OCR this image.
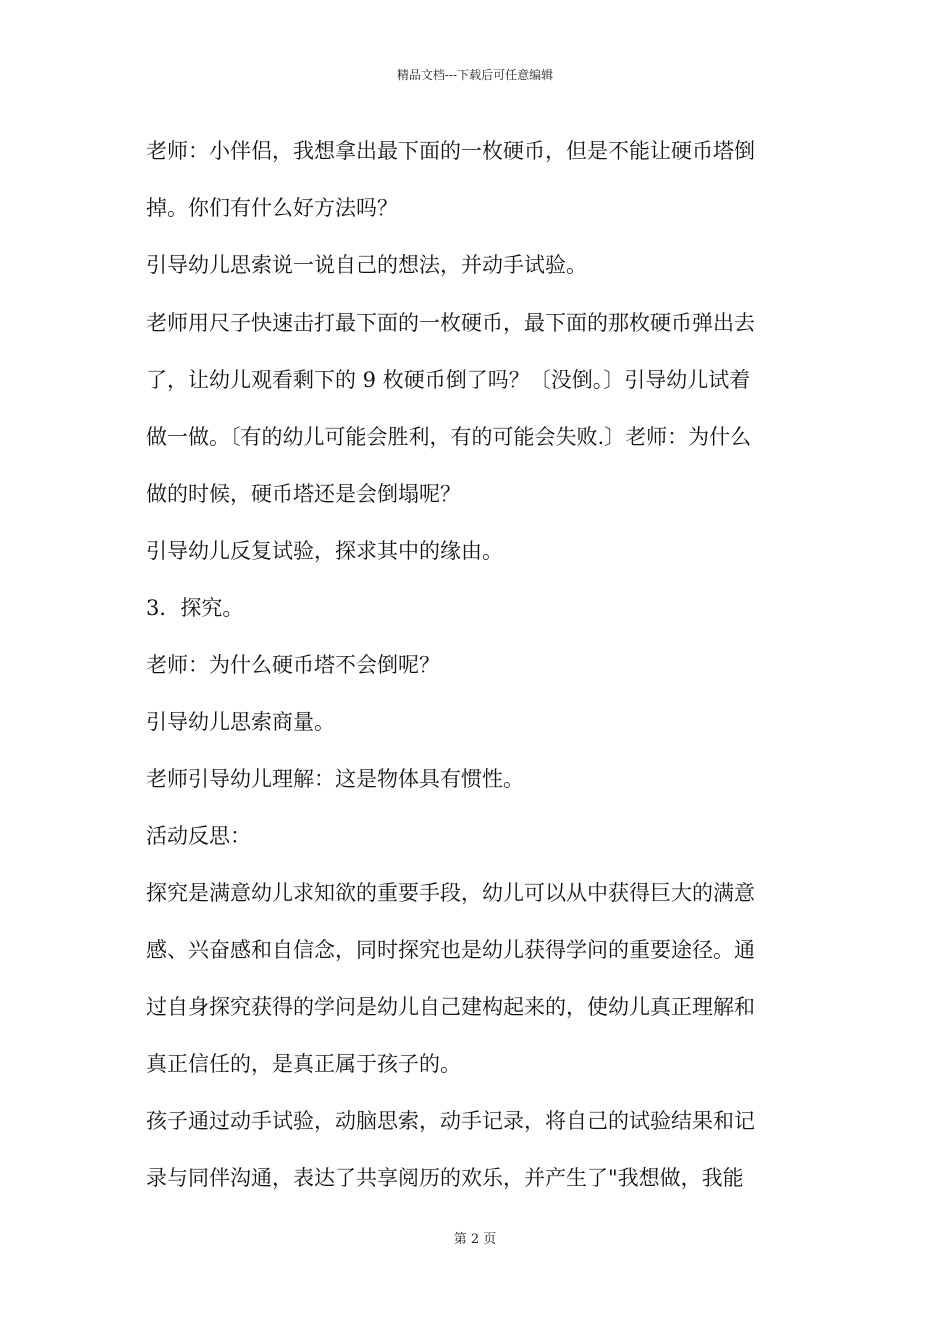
精品文档---下载后可任意编辑
老师：小伴侣，我想拿出最下面的一枚硬币，但是不能让硬币塔倒
掉。你们有什么好方法吗？
引导幼儿思索说一说自己的想法，并动手试验。
老师用尺子快速击打最下面的一枚硬币，最下面的那枚硬币弹出去
了，让幼儿观看剩下的 9 枚硬币倒了吗？〔没倒。〕引导幼儿试着
做一做。〔有的幼儿可能会胜利，有的可能会失败.〕老师：为什么
做的时候，硬币塔还是会倒塌呢？
引导幼儿反复试验，探求其中的缘由。
3．探究。
老师：为什么硬币塔不会倒呢？
引导幼儿思索商量。
老师引导幼儿理解：这是物体具有惯性。
活动反思：
探究是满意幼儿求知欲的重要手段，幼儿可以从中获得巨大的满意
感、兴奋感和自信念，同时探究也是幼儿获得学问的重要途径。通
过自身探究获得的学问是幼儿自己建构起来的，使幼儿真正理解和
真正信任的，是真正属于孩子的。
孩子通过动手试验，动脑思索，动手记录，将自己的试验结果和记
录与同伴沟通，表达了共享阅历的欢乐，并产生了"我想做，我能
第 2 页
